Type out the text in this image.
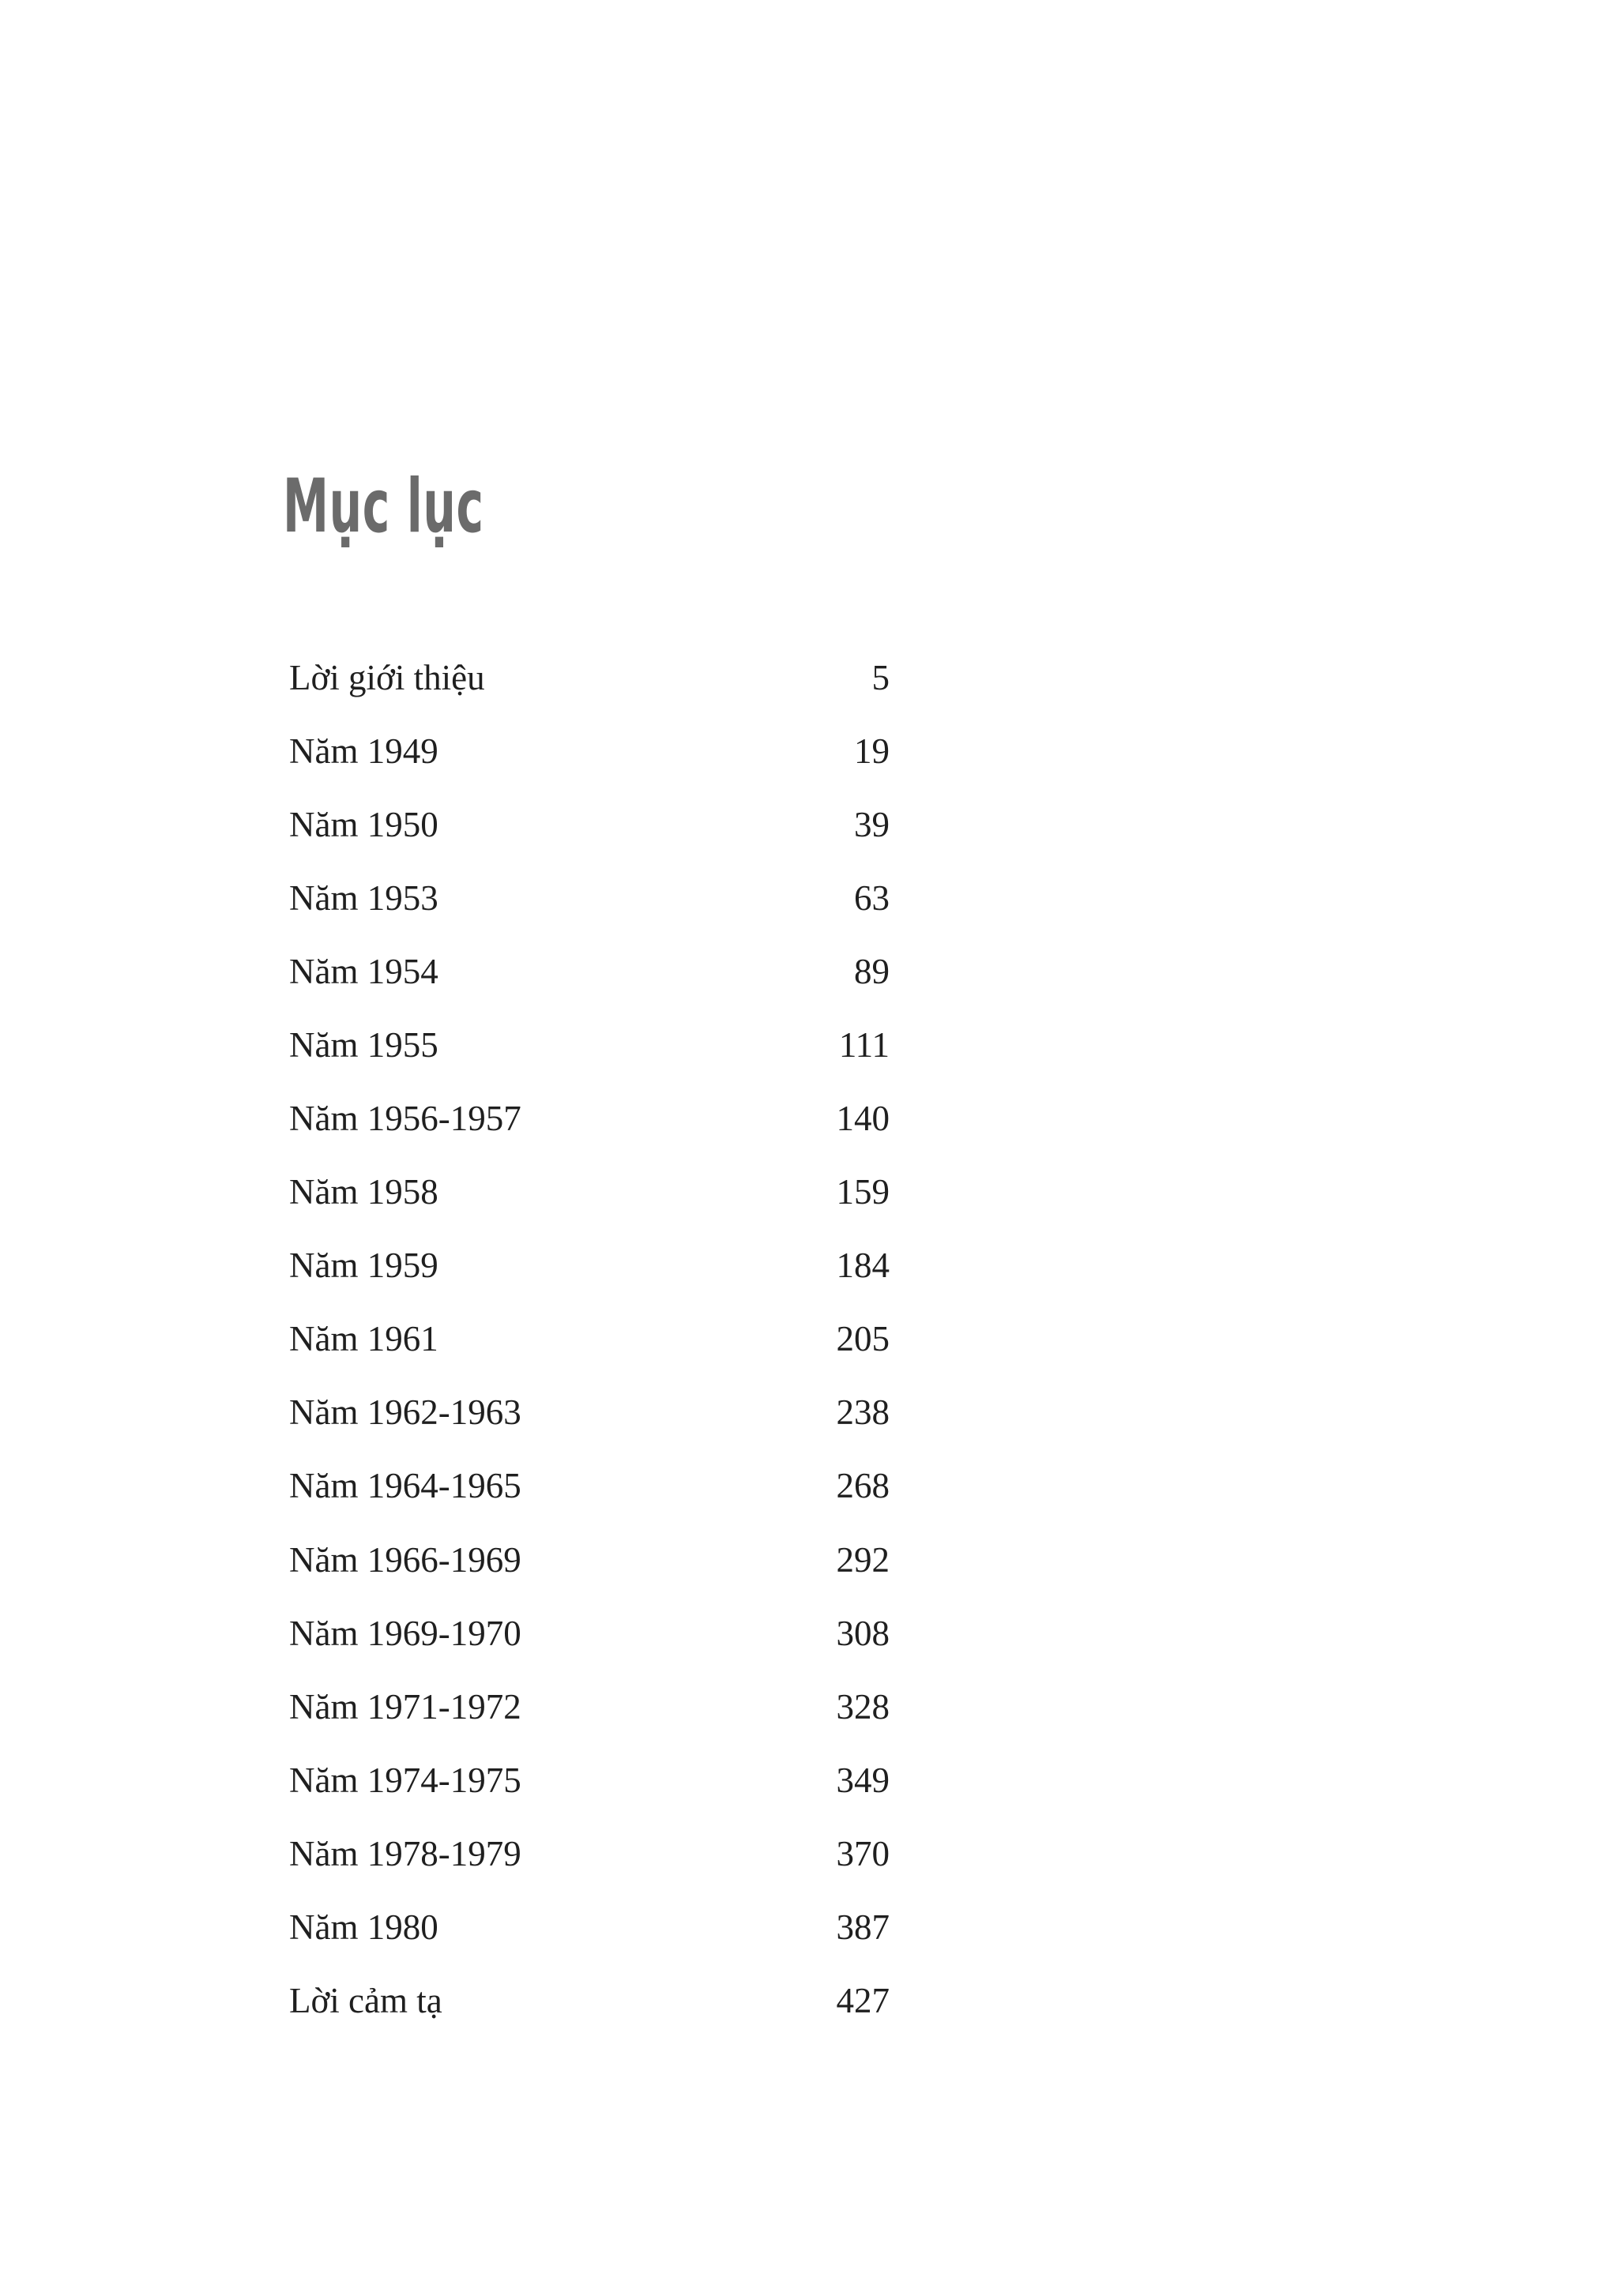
Mục lục
Lời giới thiệu	5
Năm 1949	19
Năm 1950	39
Năm 1953	63
Năm 1954	89
Năm 1955	111
Năm 1956-1957	140
Năm 1958	159
Năm 1959	184
Năm 1961	205
Năm 1962-1963	238
Năm 1964-1965	268
Năm 1966-1969	292
Năm 1969-1970	308
Năm 1971-1972	328
Năm 1974-1975	349
Năm 1978-1979	370
Năm 1980	387
Lời cảm tạ	427
